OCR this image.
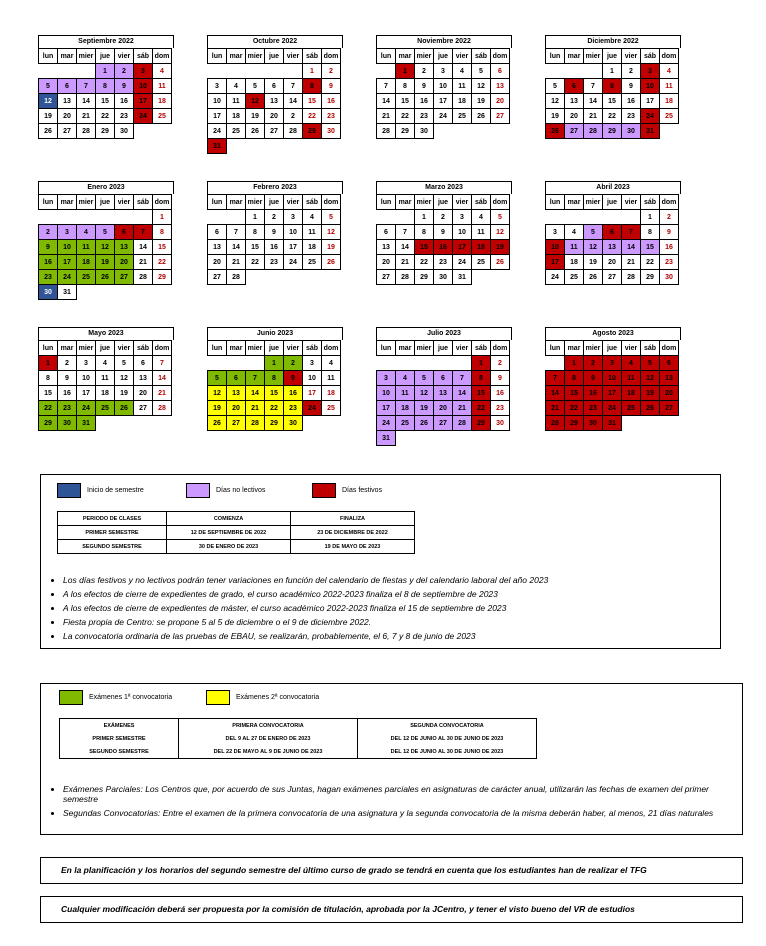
Septiembre 2022
lun	mar	mier	jue	vier	sáb	dom
			1	2	3	4
5	6	7	8	9	10	11
12	13	14	15	16	17	18
19	20	21	22	23	24	25
26	27	28	29	30		
Octubre 2022
lun	mar	mier	jue	vier	sáb	dom
					1	2
3	4	5	6	7	8	9
10	11	12	13	14	15	16
17	18	19	20	2	22	23
24	25	26	27	28	29	30
31						
Noviembre 2022
lun	mar	mier	jue	vier	sáb	dom
	1	2	3	4	5	6
7	8	9	10	11	12	13
14	15	16	17	18	19	20
21	22	23	24	25	26	27
28	29	30				
Diciembre 2022
lun	mar	mier	jue	vier	sáb	dom
			1	2	3	4
5	6	7	8	9	10	11
12	13	14	15	16	17	18
19	20	21	22	23	24	25
26	27	28	29	30	31	
Enero 2023
lun	mar	mier	jue	vier	sáb	dom
						1
2	3	4	5	6	7	8
9	10	11	12	13	14	15
16	17	18	19	20	21	22
23	24	25	26	27	28	29
30	31					
Febrero 2023
lun	mar	mier	jue	vier	sáb	dom
		1	2	3	4	5
6	7	8	9	10	11	12
13	14	15	16	17	18	19
20	21	22	23	24	25	26
27	28					
Marzo 2023
lun	mar	mier	jue	vier	sáb	dom
		1	2	3	4	5
6	7	8	9	10	11	12
13	14	15	16	17	18	19
20	21	22	23	24	25	26
27	28	29	30	31		
Abril 2023
lun	mar	mier	jue	vier	sáb	dom
					1	2
3	4	5	6	7	8	9
10	11	12	13	14	15	16
17	18	19	20	21	22	23
24	25	26	27	28	29	30
Mayo 2023
lun	mar	mier	jue	vier	sáb	dom
1	2	3	4	5	6	7
8	9	10	11	12	13	14
15	16	17	18	19	20	21
22	23	24	25	26	27	28
29	30	31				
Junio 2023
lun	mar	mier	jue	vier	sáb	dom
			1	2	3	4
5	6	7	8	9	10	11
12	13	14	15	16	17	18
19	20	21	22	23	24	25
26	27	28	29	30		
Julio 2023
lun	mar	mier	jue	vier	sáb	dom
					1	2
3	4	5	6	7	8	9
10	11	12	13	14	15	16
17	18	19	20	21	22	23
24	25	26	27	28	29	30
31						
Agosto 2023
lun	mar	mier	jue	vier	sáb	dom
	1	2	3	4	5	6
7	8	9	10	11	12	13
14	15	16	17	18	19	20
21	22	23	24	25	26	27
28	29	30	31			
Inicio de semestre	Días no lectivos	Días festivos
PERIODO DE CLASES	COMIENZA	FINALIZA
PRIMER SEMESTRE	12 DE SEPTIEMBRE DE 2022	23 DE DICIEMBRE DE 2022
SEGUNDO SEMESTRE	30 DE ENERO DE 2023	19 DE MAYO DE 2023
• Los días festivos y no lectivos podrán tener variaciones en función del calendario de fiestas y del calendario laboral del año 2023
• A los efectos de cierre de expedientes de grado, el curso académico 2022-2023 finaliza el 8 de septiembre de 2023
• A los efectos de cierre de expedientes de máster, el curso académico 2022-2023 finaliza el 15 de septiembre de 2023
• Fiesta propia de Centro: se propone 5 al 5 de diciembre o el 9 de diciembre 2022.
• La convocatoria ordinaria de las pruebas de EBAU, se realizarán, probablemente, el 6, 7 y 8 de junio de 2023
Exámenes 1ª convocatoria	Exámenes 2ª convocatoria
EXÁMENES	PRIMERA CONVOCATORIA	SEGUNDA CONVOCATORIA
PRIMER SEMESTRE	DEL 9 AL 27 DE ENERO DE 2023	DEL 12 DE JUNIO AL 30 DE JUNIO DE 2023
SEGUNDO SEMESTRE	DEL 22 DE MAYO AL 9 DE JUNIO DE 2023	DEL 12 DE JUNIO AL 30 DE JUNIO DE 2023
• Exámenes Parciales: Los Centros que, por acuerdo de sus Juntas, hagan exámenes parciales en asignaturas de carácter anual, utilizarán las fechas de examen del primer semestre
• Segundas Convocatorias: Entre el examen de la primera convocatoria de una asignatura y la segunda convocatoria de la misma deberán haber, al menos, 21 días naturales
En la planificación y los horarios del segundo semestre del último curso de grado se tendrá en cuenta que los estudiantes han de realizar el TFG
Cualquier modificación deberá ser propuesta por la comisión de titulación, aprobada por la JCentro, y tener el visto bueno del VR de estudios
